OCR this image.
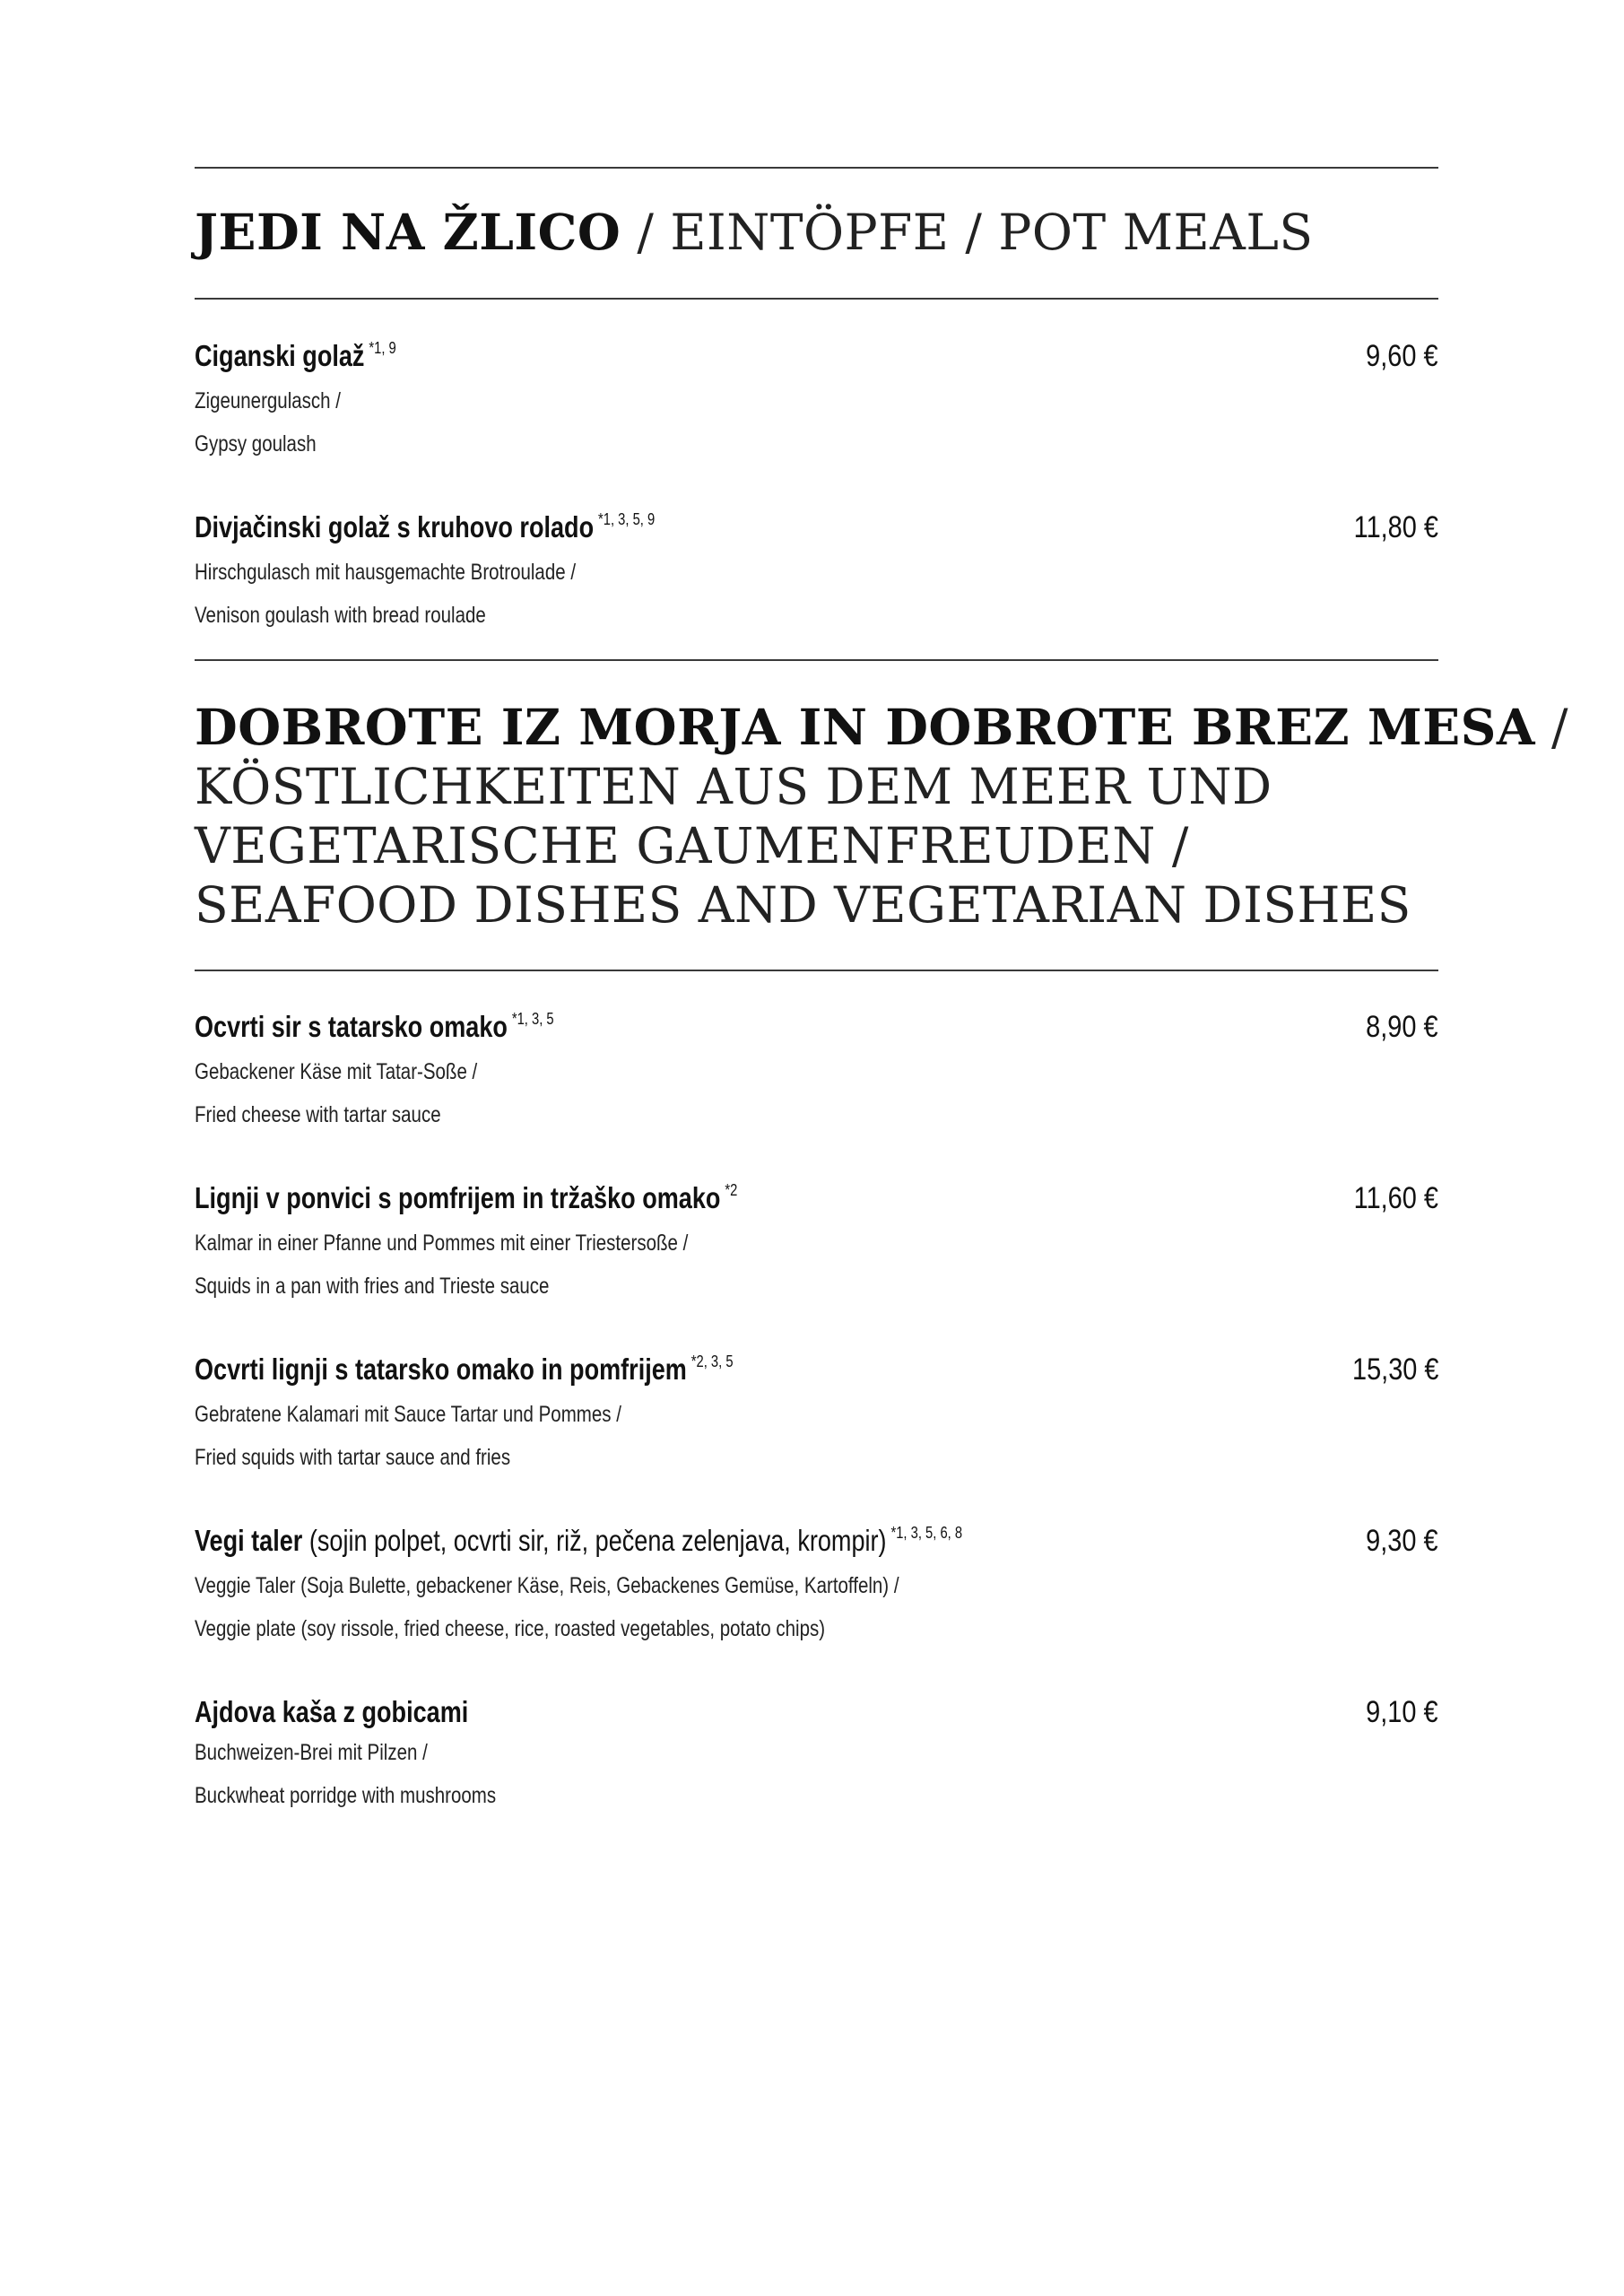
JEDI NA ŽLICO / EINTÖPFE / POT MEALS
Ciganski golaž $^{*1, 9}$
Zigeunergulasch /
Gypsy goulash
9,60 €
Divjačinski golaž s kruhovo rolado $^{*1, 3, 5, 9}$
Hirschgulasch mit hausgemachte Brotroulade /
Venison goulash with bread roulade
11,80 €
DOBROTE IZ MORJA IN DOBROTE BREZ MESA /
KÖSTLICHKEITEN AUS DEM MEER UND
VEGETARISCHE GAUMENFREUDEN /
SEAFOOD DISHES AND VEGETARIAN DISHES
Ocvrti sir s tatarsko omako $^{*1, 3, 5}$
Gebackener Käse mit Tatar-Soße /
Fried cheese with tartar sauce
8,90 €
Lignji v ponvici s pomfrijem in tržaško omako $^{*2}$
Kalmar in einer Pfanne und Pommes mit einer Triestersoße /
Squids in a pan with fries and Trieste sauce
11,60 €
Ocvrti lignji s tatarsko omako in pomfrijem $^{*2, 3, 5}$
Gebratene Kalamari mit Sauce Tartar und Pommes /
Fried squids with tartar sauce and fries
15,30 €
Vegi taler (sojin polpet, ocvrti sir, riž, pečena zelenjava, krompir) $^{*1, 3, 5, 6, 8}$
Veggie Taler (Soja Bulette, gebackener Käse, Reis, Gebackenes Gemüse, Kartoffeln) /
Veggie plate (soy rissole, fried cheese, rice, roasted vegetables, potato chips)
9,30 €
Ajdova kaša z gobicami
Buchweizen-Brei mit Pilzen /
Buckwheat porridge with mushrooms
9,10 €
